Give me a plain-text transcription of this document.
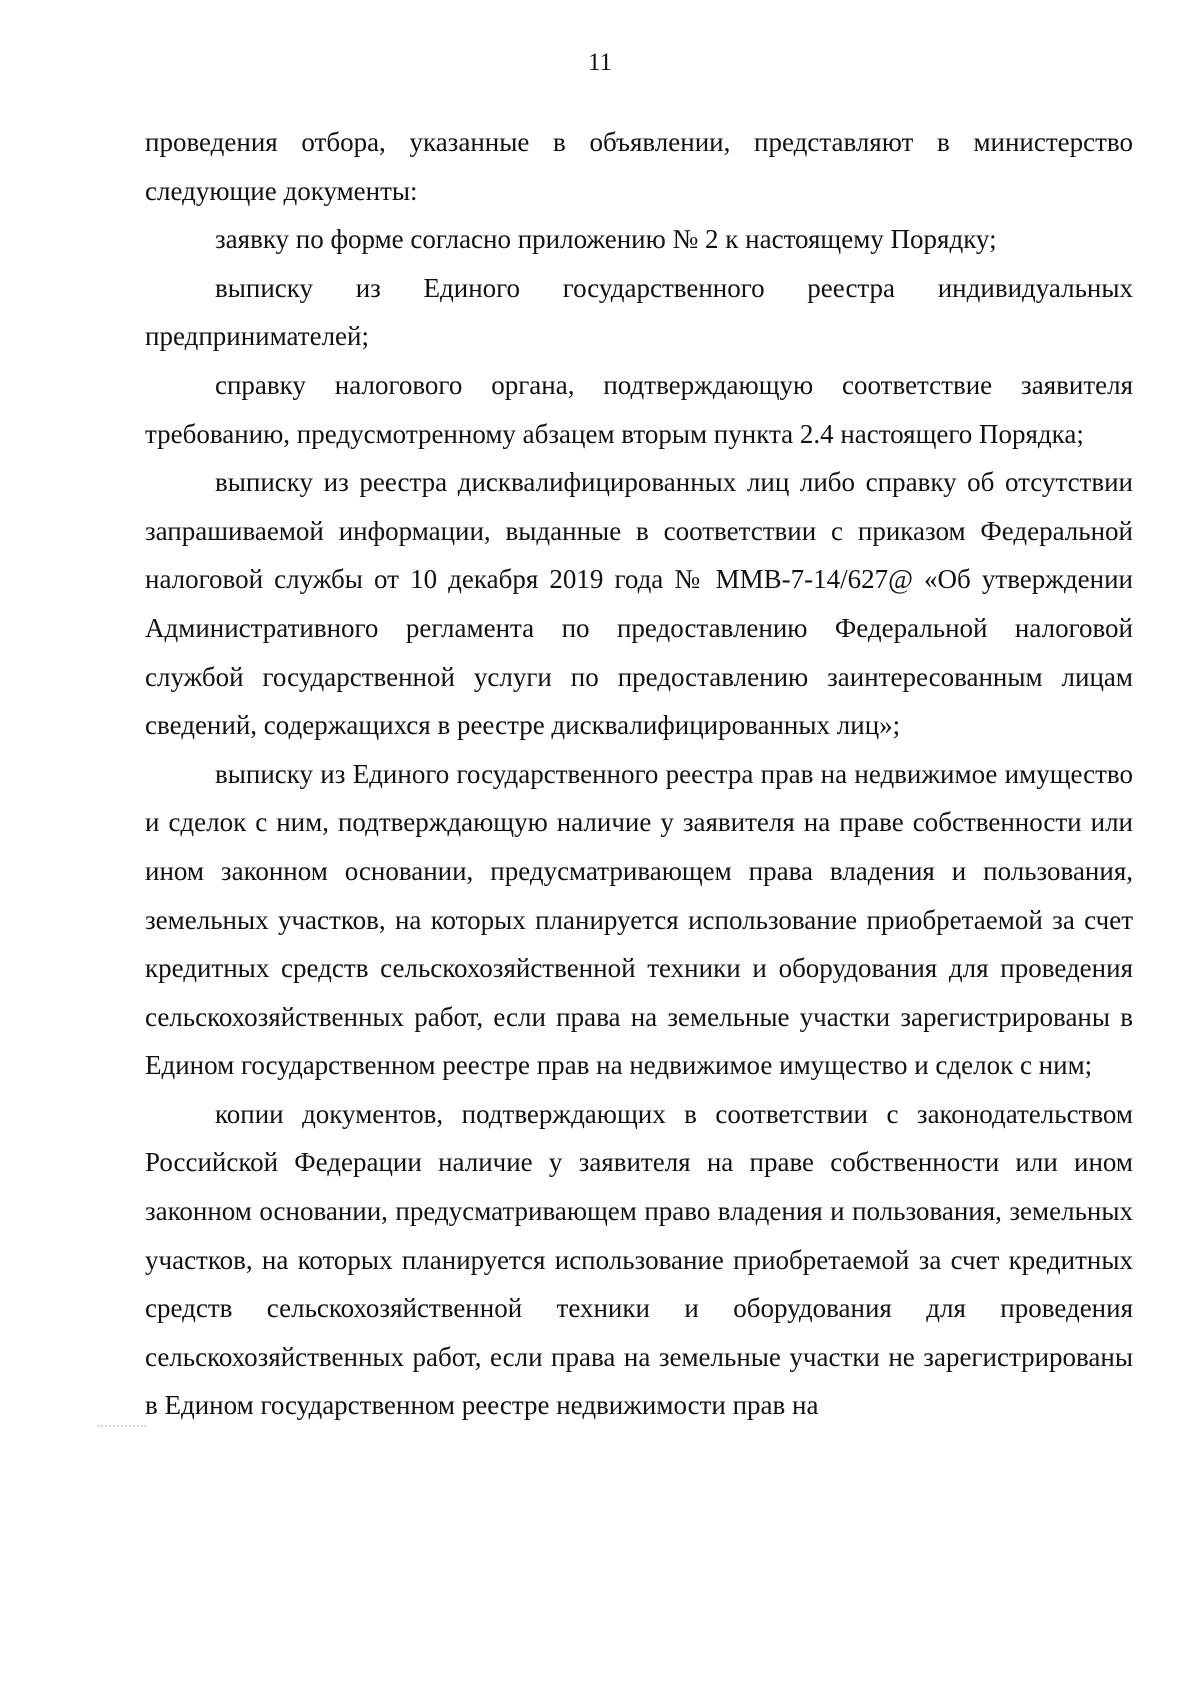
11

проведения отбора, указанные в объявлении, представляют в министерство следующие документы:

заявку по форме согласно приложению № 2 к настоящему Порядку;

выписку из Единого государственного реестра индивидуальных предпринимателей;

справку налогового органа, подтверждающую соответствие заявителя требованию, предусмотренному абзацем вторым пункта 2.4 настоящего Порядка;

выписку из реестра дисквалифицированных лиц либо справку об отсутствии запрашиваемой информации, выданные в соответствии с приказом Федеральной налоговой службы от 10 декабря 2019 года № ММВ-7-14/627@ «Об утверждении Административного регламента по предоставлению Федеральной налоговой службой государственной услуги по предоставлению заинтересованным лицам сведений, содержащихся в реестре дисквалифицированных лиц»;

выписку из Единого государственного реестра прав на недвижимое имущество и сделок с ним, подтверждающую наличие у заявителя на праве собственности или ином законном основании, предусматривающем права владения и пользования, земельных участков, на которых планируется использование приобретаемой за счет кредитных средств сельскохозяйственной техники и оборудования для проведения сельскохозяйственных работ, если права на земельные участки зарегистрированы в Едином государственном реестре прав на недвижимое имущество и сделок с ним;

копии документов, подтверждающих в соответствии с законодательством Российской Федерации наличие у заявителя на праве собственности или ином законном основании, предусматривающем право владения и пользования, земельных участков, на которых планируется использование приобретаемой за счет кредитных средств сельскохозяйственной техники и оборудования для проведения сельскохозяйственных работ, если права на земельные участки не зарегистрированы в Едином государственном реестре недвижимости прав на
